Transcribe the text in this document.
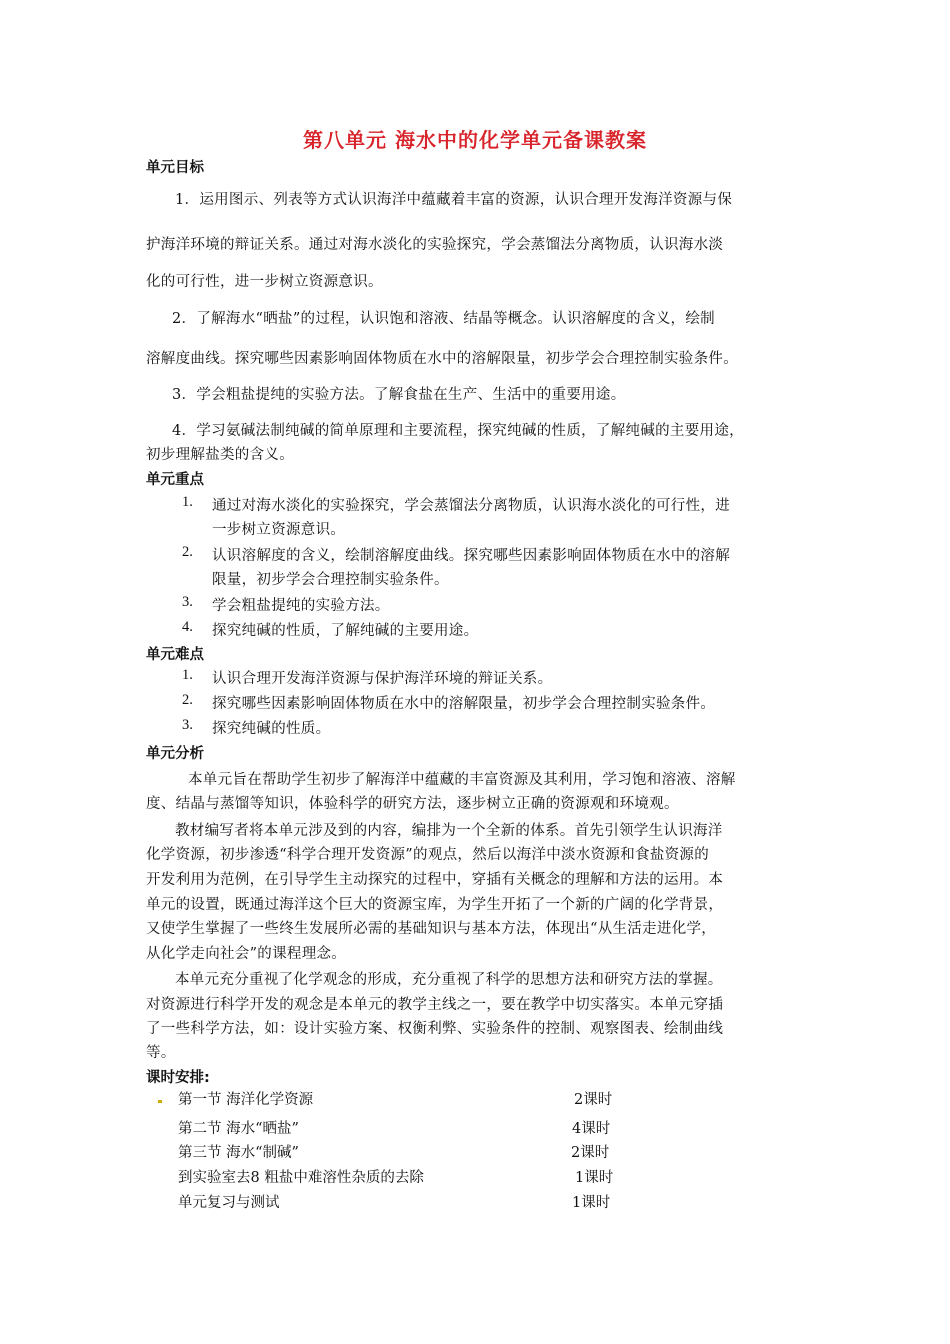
第八单元 海水中的化学单元备课教案
单元目标
1．运用图示、列表等方式认识海洋中蕴藏着丰富的资源，认识合理开发海洋资源与保
护海洋环境的辩证关系。通过对海水淡化的实验探究，学会蒸馏法分离物质，认识海水淡
化的可行性，进一步树立资源意识。
2．了解海水“晒盐”的过程，认识饱和溶液、结晶等概念。认识溶解度的含义，绘制
溶解度曲线。探究哪些因素影响固体物质在水中的溶解限量，初步学会合理控制实验条件。
3．学会粗盐提纯的实验方法。了解食盐在生产、生活中的重要用途。
4．学习氨碱法制纯碱的简单原理和主要流程，探究纯碱的性质，了解纯碱的主要用途，
初步理解盐类的含义。
单元重点
1. 通过对海水淡化的实验探究，学会蒸馏法分离物质，认识海水淡化的可行性，进
一步树立资源意识。
2. 认识溶解度的含义，绘制溶解度曲线。探究哪些因素影响固体物质在水中的溶解
限量，初步学会合理控制实验条件。
3. 学会粗盐提纯的实验方法。
4. 探究纯碱的性质，了解纯碱的主要用途。
单元难点
1. 认识合理开发海洋资源与保护海洋环境的辩证关系。
2. 探究哪些因素影响固体物质在水中的溶解限量，初步学会合理控制实验条件。
3. 探究纯碱的性质。
单元分析
本单元旨在帮助学生初步了解海洋中蕴藏的丰富资源及其利用，学习饱和溶液、溶解
度、结晶与蒸馏等知识，体验科学的研究方法，逐步树立正确的资源观和环境观。
教材编写者将本单元涉及到的内容，编排为一个全新的体系。首先引领学生认识海洋
化学资源，初步渗透“科学合理开发资源”的观点，然后以海洋中淡水资源和食盐资源的
开发利用为范例，在引导学生主动探究的过程中，穿插有关概念的理解和方法的运用。本
单元的设置，既通过海洋这个巨大的资源宝库，为学生开拓了一个新的广阔的化学背景，
又使学生掌握了一些终生发展所必需的基础知识与基本方法，体现出“从生活走进化学，
从化学走向社会”的课程理念。
本单元充分重视了化学观念的形成，充分重视了科学的思想方法和研究方法的掌握。
对资源进行科学开发的观念是本单元的教学主线之一，要在教学中切实落实。本单元穿插
了一些科学方法，如：设计实验方案、权衡利弊、实验条件的控制、观察图表、绘制曲线
等。
课时安排:
第一节 海洋化学资源	2课时
第二节 海水“晒盐”	4课时
第三节 海水“制碱”	2课时
到实验室去8 粗盐中难溶性杂质的去除	1课时
单元复习与测试	1课时
